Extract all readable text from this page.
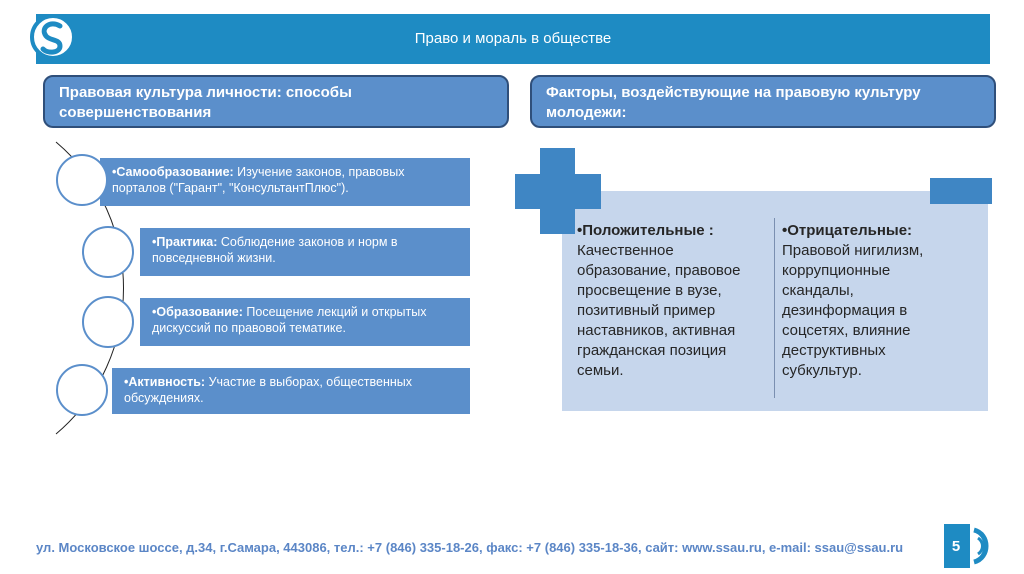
Право и мораль в обществе
Правовая культура личности: способы совершенствования
Факторы, воздействующие на правовую культуру молодежи:
•Самообразование: Изучение законов, правовых порталов ("Гарант", "КонсультантПлюс").
•Практика: Соблюдение законов и норм в повседневной жизни.
•Образование: Посещение лекций и открытых дискуссий по правовой тематике.
•Активность: Участие в выборах, общественных обсуждениях.
•Положительные :
Качественное образование, правовое просвещение в вузе, позитивный пример наставников, активная гражданская позиция семьи.
•Отрицательные:
Правовой нигилизм, коррупционные скандалы, дезинформация в соцсетях, влияние деструктивных субкультур.
ул. Московское шоссе, д.34, г.Самара, 443086, тел.: +7 (846) 335-18-26, факс: +7 (846) 335-18-36, сайт: www.ssau.ru, e-mail: ssau@ssau.ru	5
